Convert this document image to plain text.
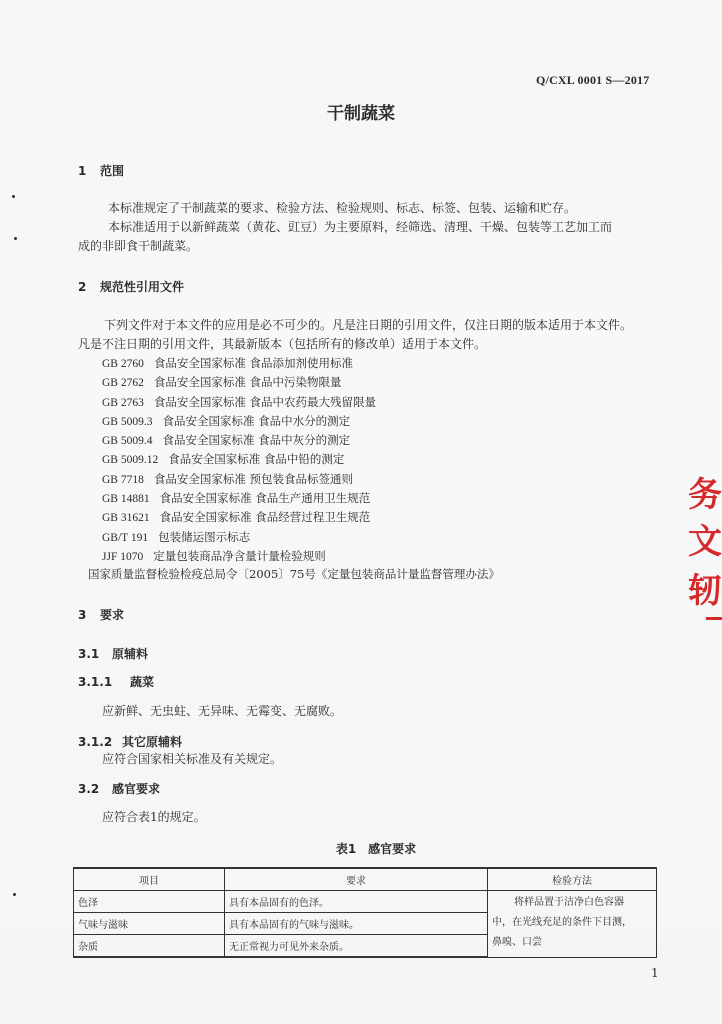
Q/CXL 0001 S—2017
干制蔬菜
1 范围
本标准规定了干制蔬菜的要求、检验方法、检验规则、标志、标签、包装、运输和贮存。
本标准适用于以新鲜蔬菜（黄花、豇豆）为主要原料，经筛选、清理、干燥、包装等工艺加工而
成的非即食干制蔬菜。
2 规范性引用文件
下列文件对于本文件的应用是必不可少的。凡是注日期的引用文件，仅注日期的版本适用于本文件。
凡是不注日期的引用文件，其最新版本（包括所有的修改单）适用于本文件。
GB 2760 食品安全国家标准 食品添加剂使用标准
GB 2762 食品安全国家标准 食品中污染物限量
GB 2763 食品安全国家标准 食品中农药最大残留限量
GB 5009.3 食品安全国家标准 食品中水分的测定
GB 5009.4 食品安全国家标准 食品中灰分的测定
GB 5009.12 食品安全国家标准 食品中铅的测定
GB 7718 食品安全国家标准 预包装食品标签通则
GB 14881 食品安全国家标准 食品生产通用卫生规范
GB 31621 食品安全国家标准 食品经营过程卫生规范
GB/T 191 包装储运图示标志
JJF 1070 定量包装商品净含量计量检验规则
国家质量监督检验检疫总局令〔2005〕75号《定量包装商品计量监督管理办法》
3 要求
3.1 原辅料
3.1.1 蔬菜
应新鲜、无虫蛀、无异味、无霉变、无腐败。
3.1.2 其它原辅料
应符合国家相关标准及有关规定。
3.2 感官要求
应符合表1的规定。
表1　感官要求
项目	要求	检验方法
色泽	具有本品固有的色泽。	将样品置于洁净白色容器
中，在光线充足的条件下目测，
鼻嗅、口尝

气味与滋味	具有本品固有的气味与滋味。	
杂质	无正常视力可见外来杂质。	
1
务
文
轫
